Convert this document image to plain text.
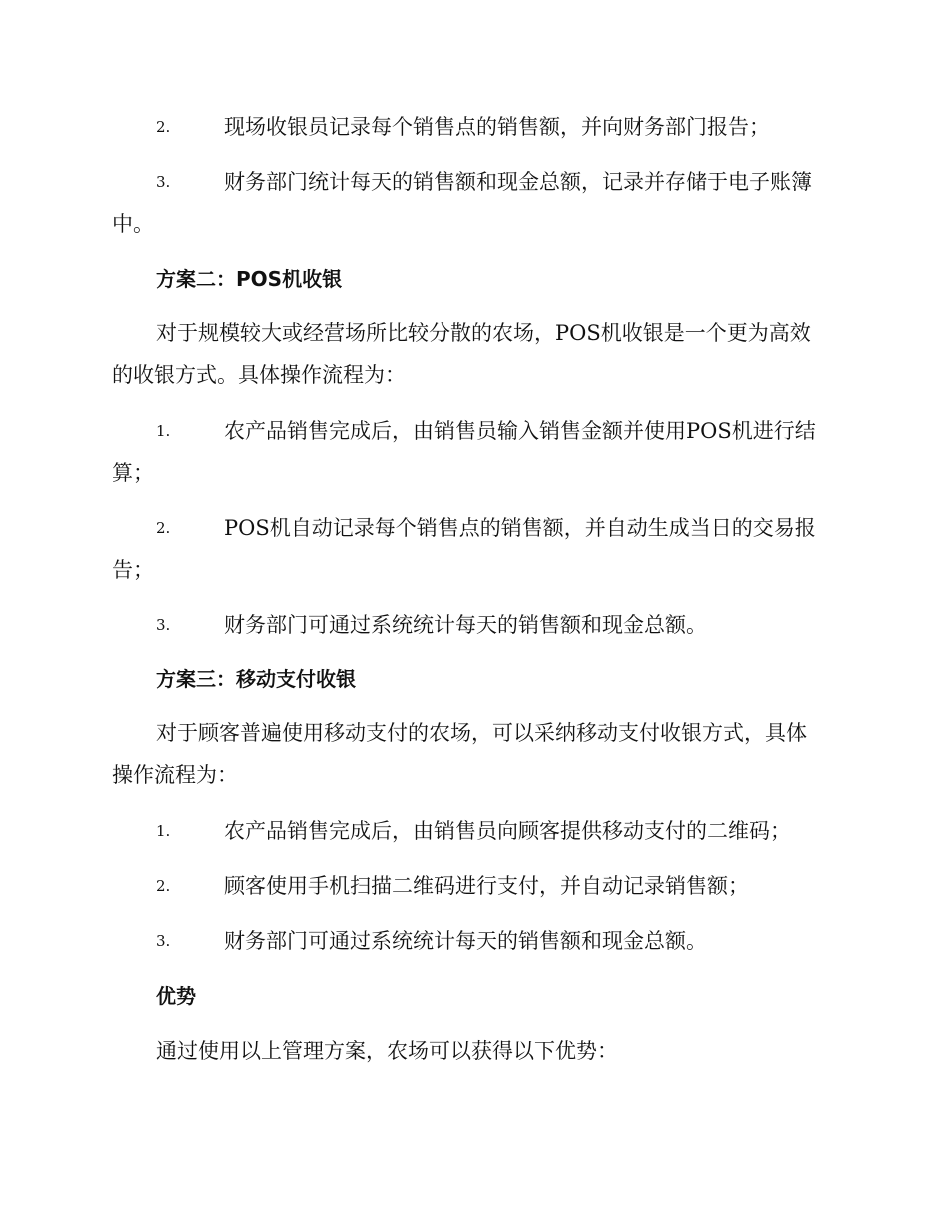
2.	现场收银员记录每个销售点的销售额，并向财务部门报告；
3.	财务部门统计每天的销售额和现金总额，记录并存储于电子账簿
中。
方案二：POS机收银
对于规模较大或经营场所比较分散的农场，POS机收银是一个更为高效
的收银方式。具体操作流程为：
1.	农产品销售完成后，由销售员输入销售金额并使用POS机进行结
算；
2.	POS机自动记录每个销售点的销售额，并自动生成当日的交易报
告；
3.	财务部门可通过系统统计每天的销售额和现金总额。
方案三：移动支付收银
对于顾客普遍使用移动支付的农场，可以采纳移动支付收银方式，具体
操作流程为：
1.	农产品销售完成后，由销售员向顾客提供移动支付的二维码；
2.	顾客使用手机扫描二维码进行支付，并自动记录销售额；
3.	财务部门可通过系统统计每天的销售额和现金总额。
优势
通过使用以上管理方案，农场可以获得以下优势：
